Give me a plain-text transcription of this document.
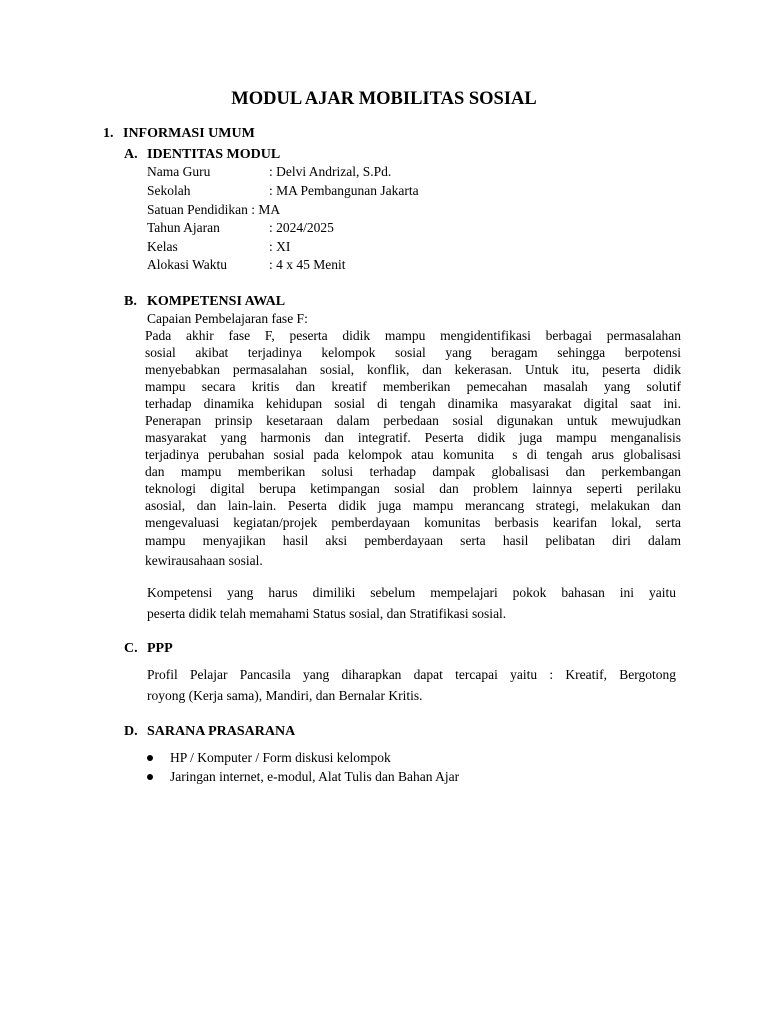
MODUL AJAR MOBILITAS SOSIAL
1. INFORMASI UMUM
A. IDENTITAS MODUL
Nama Guru	: Delvi Andrizal, S.Pd.
Sekolah	: MA Pembangunan Jakarta
Satuan Pendidikan : MA
Tahun Ajaran	: 2024/2025
Kelas	: XI
Alokasi Waktu	: 4 x 45 Menit
B. KOMPETENSI AWAL
Capaian Pembelajaran fase F:

Pada akhir fase F, peserta didik mampu mengidentifikasi berbagai permasalahan

sosial akibat terjadinya kelompok sosial yang beragam sehingga berpotensi

menyebabkan permasalahan sosial, konflik, dan kekerasan. Untuk itu, peserta didik

mampu secara kritis dan kreatif memberikan pemecahan masalah yang solutif

terhadap dinamika kehidupan sosial di tengah dinamika masyarakat digital saat ini.

Penerapan prinsip kesetaraan dalam perbedaan sosial digunakan untuk mewujudkan

masyarakat yang harmonis dan integratif. Peserta didik juga mampu menganalisis

terjadinya perubahan sosial pada kelompok atau komunita  s di tengah arus globalisasi

dan mampu memberikan solusi terhadap dampak globalisasi dan perkembangan

teknologi digital berupa ketimpangan sosial dan problem lainnya seperti perilaku

asosial, dan lain-lain. Peserta didik juga mampu merancang strategi, melakukan dan

mengevaluasi kegiatan/projek pemberdayaan komunitas berbasis kearifan lokal, serta

mampu menyajikan hasil aksi pemberdayaan serta hasil pelibatan diri dalam

kewirausahaan sosial.

Kompetensi yang harus dimiliki sebelum mempelajari pokok bahasan ini yaitu

peserta didik telah memahami Status sosial, dan Stratifikasi sosial.

C. PPP

Profil Pelajar Pancasila yang diharapkan dapat tercapai yaitu : Kreatif, Bergotong

royong (Kerja sama), Mandiri, dan Bernalar Kritis.

D. SARANA PRASARANA
HP / Komputer / Form diskusi kelompok
Jaringan internet, e-modul, Alat Tulis dan Bahan Ajar
